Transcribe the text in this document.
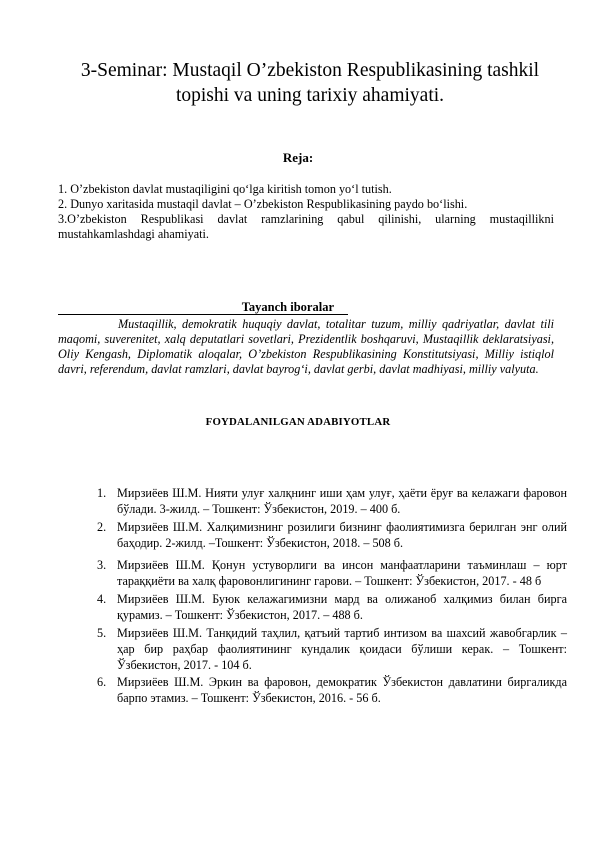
3-Seminar: Mustaqil O’zbekiston Respublikasining tashkil topishi va uning tarixiy ahamiyati.
Reja:

1. O’zbekiston davlat mustaqiligini qo‘lga kiritish tomon yo‘l tutish.

2. Dunyo xaritasida mustaqil davlat – O’zbekiston Respublikasining paydo bo‘lishi.

3.O’zbekiston Respublikasi davlat ramzlarining qabul qilinishi, ularning mustaqillikni mustahkamlashdagi ahamiyati.

Tayanch iboralar

Mustaqillik, demokratik huquqiy davlat, totalitar tuzum, milliy qadriyatlar, davlat tili maqomi, suverenitet, xalq deputatlari sovetlari, Prezidentlik boshqaruvi, Mustaqillik deklaratsiyasi, Oliy Kengash, Diplomatik aloqalar, O’zbekiston Respublikasining Konstitutsiyasi, Milliy istiqlol davri, referendum, davlat ramzlari, davlat bayrog‘i, davlat gerbi, davlat madhiyasi, milliy valyuta.

FOYDALANILGAN ADABIYOTLAR
1. Мирзиёев Ш.М. Нияти улуғ халқнинг иши ҳам улуғ, ҳаёти ёруғ ва келажаги фаровон бўлади. 3-жилд. – Тошкент: Ўзбекистон, 2019. – 400 б.
2. Мирзиёев Ш.М. Халқимизнинг розилиги бизнинг фаолиятимизга берилган энг олий баҳодир. 2-жилд. –Тошкент: Ўзбекистон, 2018. – 508 б.
3. Мирзиёев Ш.М. Қонун устуворлиги ва инсон манфаатларини таъминлаш – юрт тараққиёти ва халқ фаровонлигининг гарови. – Тошкент: Ўзбекистон, 2017. - 48 б
4. Мирзиёев Ш.М. Буюк келажагимизни мард ва олижаноб халқимиз билан бирга қурамиз. – Тошкент: Ўзбекистон, 2017. – 488 б.
5. Мирзиёев Ш.М. Танқидий таҳлил, қатъий тартиб интизом ва шахсий жавобгарлик – ҳар бир раҳбар фаолиятининг кундалик қоидаси бўлиши керак. – Тошкент: Ўзбекистон, 2017. - 104 б.
6. Мирзиёев Ш.М. Эркин ва фаровон, демократик Ўзбекистон давлатини биргаликда барпо этамиз. – Тошкент: Ўзбекистон, 2016. - 56 б.
